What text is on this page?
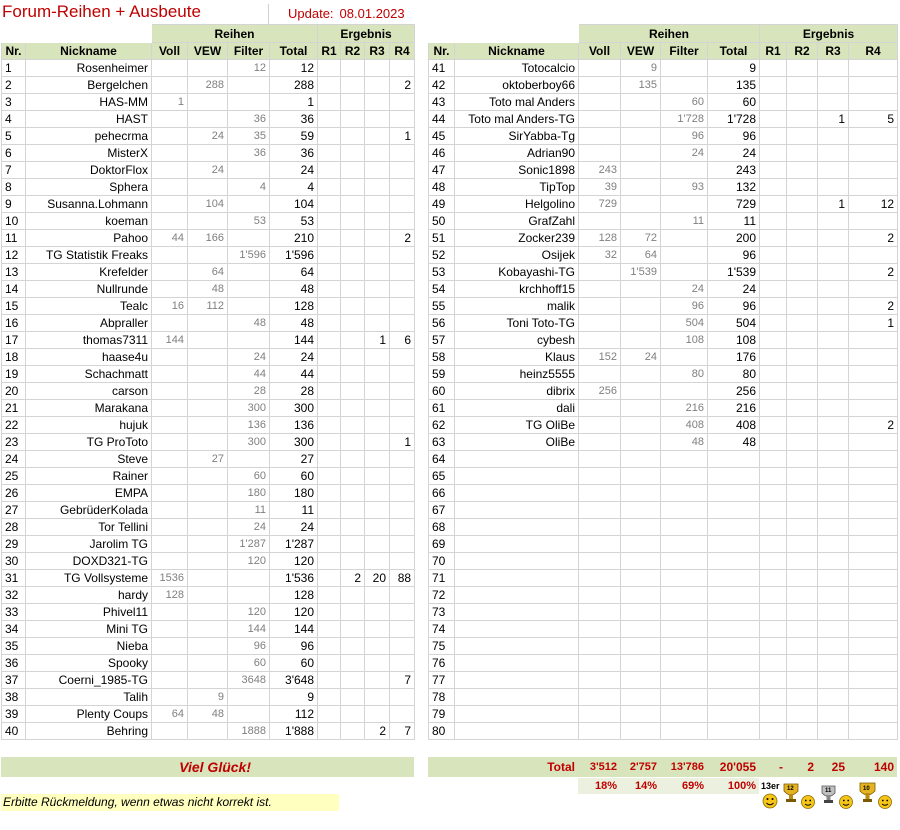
Forum-Reihen + Ausbeute	Update: 08.01.2023
		Reihen				Ergebnis			
Nr.	Nickname	Voll	VEW	Filter	Total	R1	R2	R3	R4
1	Rosenheimer			12	12				
2	Bergelchen		288		288				2
3	HAS-MM	1			1				
4	HAST			36	36				
5	pehecrma		24	35	59				1
6	MisterX			36	36				
7	DoktorFlox		24		24				
8	Sphera			4	4				
9	Susanna.Lohmann		104		104				
10	koeman			53	53				
11	Pahoo	44	166		210				2
12	TG Statistik Freaks			1'596	1'596				
13	Krefelder		64		64				
14	Nullrunde		48		48				
15	Tealc	16	112		128				
16	Abpraller			48	48				
17	thomas7311	144			144			1	6
18	haase4u			24	24				
19	Schachmatt			44	44				
20	carson			28	28				
21	Marakana			300	300				
22	hujuk			136	136				
23	TG ProToto			300	300				1
24	Steve		27		27				
25	Rainer			60	60				
26	EMPA			180	180				
27	GebrüderKolada			11	11				
28	Tor Tellini			24	24				
29	Jarolim TG			1'287	1'287				
30	DOXD321-TG			120	120				
31	TG Vollsysteme	1536			1'536		2	20	88
32	hardy	128			128				
33	Phivel11			120	120				
34	Mini TG			144	144				
35	Nieba			96	96				
36	Spooky			60	60				
37	Coerni_1985-TG			3648	3'648				7
38	Talih		9		9				
39	Plenty Coups	64	48		112				
40	Behring			1888	1'888			2	7
		Reihen				Ergebnis			
Nr.	Nickname	Voll	VEW	Filter	Total	R1	R2	R3	R4
41	Totocalcio		9		9				
42	oktoberboy66		135		135				
43	Toto mal Anders			60	60				
44	Toto mal Anders-TG			1'728	1'728			1	5
45	SirYabba-Tg			96	96				
46	Adrian90			24	24				
47	Sonic1898	243			243				
48	TipTop	39		93	132				
49	Helgolino	729			729			1	12
50	GrafZahl			11	11				
51	Zocker239	128	72		200				2
52	Osijek	32	64		96				
53	Kobayashi-TG		1'539		1'539				2
54	krchhoff15			24	24				
55	malik			96	96				2
56	Toni Toto-TG			504	504				1
57	cybesh			108	108				
58	Klaus	152	24		176				
59	heinz5555			80	80				
60	dibrix	256			256				
61	dali			216	216				
62	TG OliBe			408	408				2
63	OliBe			48	48				
64									
65									
66									
67									
68									
69									
70									
71									
72									
73									
74									
75									
76									
77									
78									
79									
80									
Viel Glück!	Total	3'512	2'757	13'786	20'055	-	2	25	140
18%	14%	69%	100%
Erbitte Rückmeldung, wenn etwas nicht korrekt ist.
13er 12	11	10
